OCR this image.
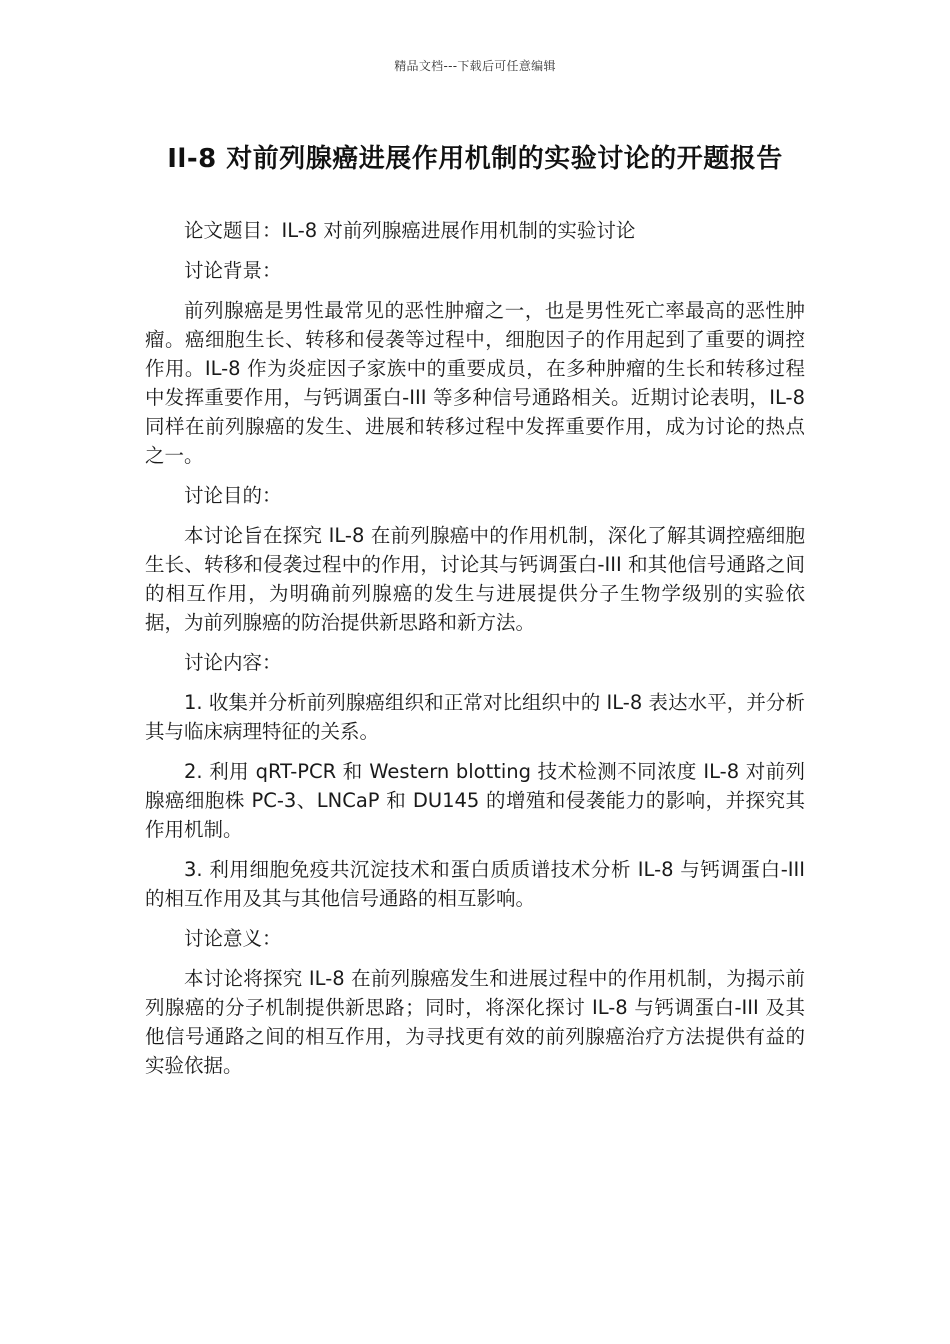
精品文档---下载后可任意编辑
Il-8 对前列腺癌进展作用机制的实验讨论的开题报告

论文题目：IL-8 对前列腺癌进展作用机制的实验讨论

讨论背景：

前列腺癌是男性最常见的恶性肿瘤之一，也是男性死亡率最高的恶性肿瘤。癌细胞生长、转移和侵袭等过程中，细胞因子的作用起到了重要的调控作用。IL-8 作为炎症因子家族中的重要成员，在多种肿瘤的生长和转移过程中发挥重要作用，与钙调蛋白-III 等多种信号通路相关。近期讨论表明，IL-8 同样在前列腺癌的发生、进展和转移过程中发挥重要作用，成为讨论的热点之一。

讨论目的：

本讨论旨在探究 IL-8 在前列腺癌中的作用机制，深化了解其调控癌细胞生长、转移和侵袭过程中的作用，讨论其与钙调蛋白-III 和其他信号通路之间的相互作用，为明确前列腺癌的发生与进展提供分子生物学级别的实验依据，为前列腺癌的防治提供新思路和新方法。

讨论内容：

1. 收集并分析前列腺癌组织和正常对比组织中的 IL-8 表达水平，并分析其与临床病理特征的关系。

2. 利用 qRT-PCR 和 Western blotting 技术检测不同浓度 IL-8 对前列腺癌细胞株 PC-3、LNCaP 和 DU145 的增殖和侵袭能力的影响，并探究其作用机制。

3. 利用细胞免疫共沉淀技术和蛋白质质谱技术分析 IL-8 与钙调蛋白-III 的相互作用及其与其他信号通路的相互影响。

讨论意义：

本讨论将探究 IL-8 在前列腺癌发生和进展过程中的作用机制，为揭示前列腺癌的分子机制提供新思路；同时，将深化探讨 IL-8 与钙调蛋白-III 及其他信号通路之间的相互作用，为寻找更有效的前列腺癌治疗方法提供有益的实验依据。
